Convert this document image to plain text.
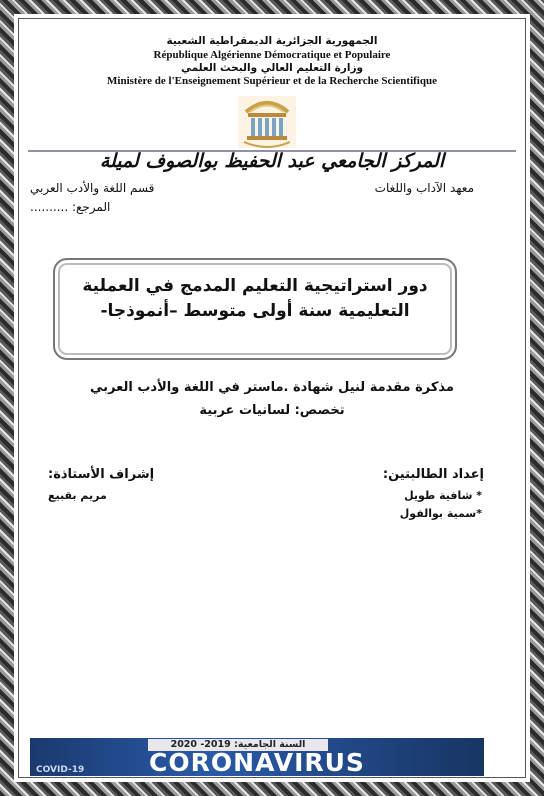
الجمهورية الجزائرية الديمقراطية الشعبية
République Algérienne Démocratique et Populaire
وزارة التعليم العالي والبحث العلمي
Ministère de l'Enseignement Supérieur et de la Recherche Scientifique
المركز الجامعي عبد الحفيظ بوالصوف لميلة
معهد الآداب واللغات
قسم اللغة والأدب العربي
المرجع: ..........
دور استراتيجية التعليم المدمج في العملية
التعليمية سنة أولى متوسط –أنموذجا-
مذكرة مقدمة لنيل شهادة .ماستر في اللغة والأدب العربي
تخصص: لسانيات عربية
إشراف الأستاذة:
مريم بقبيع
إعداد الطالبتين:
* شافية طويل
*سمية بوالفول
السنة الجامعية: 2019- 2020
CORONAVIRUS
COVID-19
